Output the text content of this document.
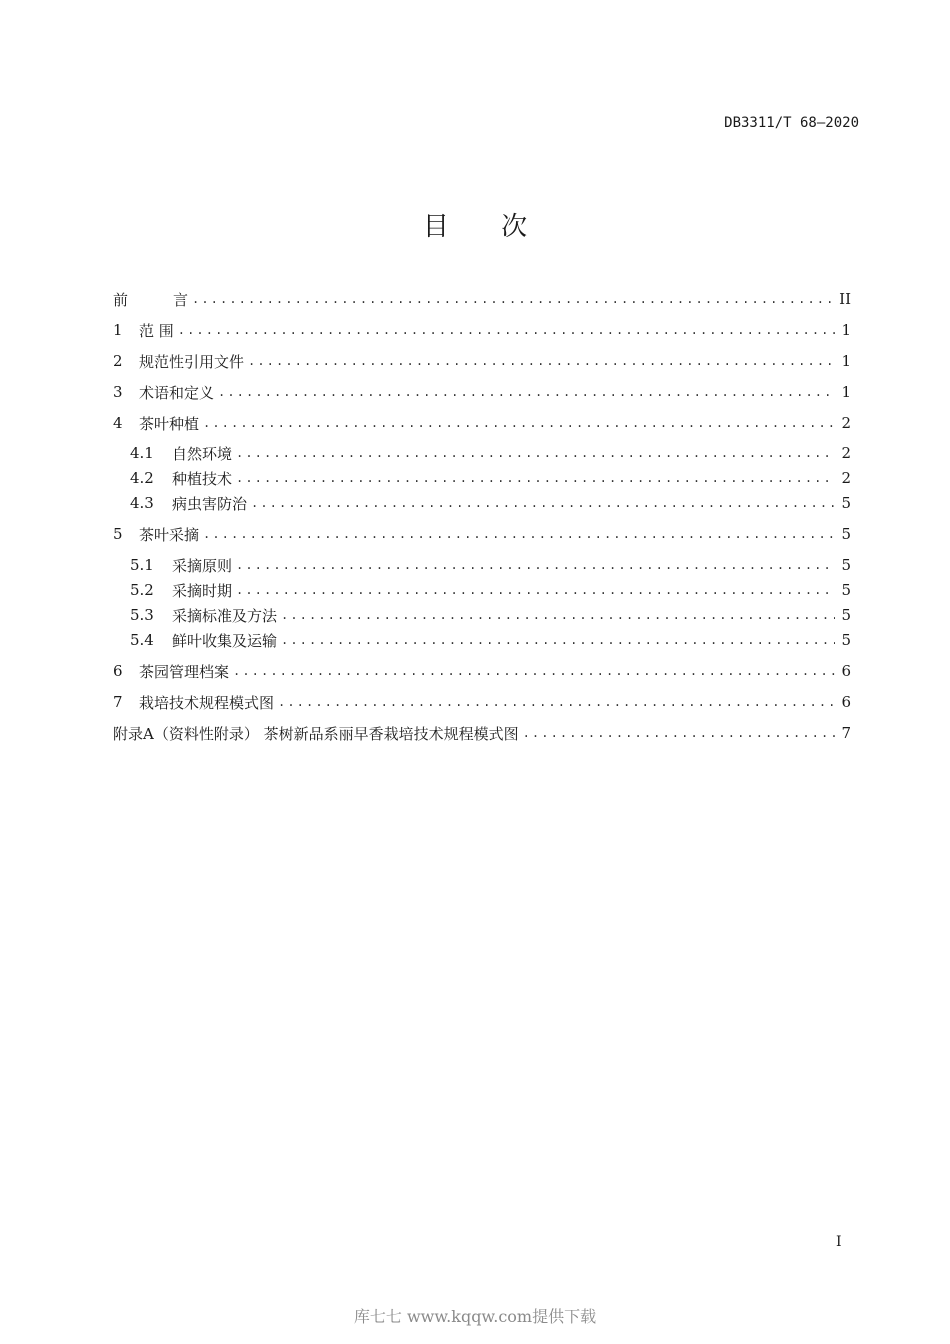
DB3311/T 68—2020
目 次
前	言 .....	II
1	范 围 .....	1
2	规范性引用文件 .....	1
3	术语和定义 .....	1
4	茶叶种植 .....	2
4.1	自然环境 .....	2
4.2	种植技术 .....	2
4.3	病虫害防治 .....	5
5	茶叶采摘 .....	5
5.1	采摘原则 .....	5
5.2	采摘时期 .....	5
5.3	采摘标准及方法 .....	5
5.4	鲜叶收集及运输 .....	5
6	茶园管理档案 .....	6
7	栽培技术规程模式图 .....	6
附录A（资料性附录） 茶树新品系丽早香栽培技术规程模式图 .....	7
I
库七七 www.kqqw.com提供下载
